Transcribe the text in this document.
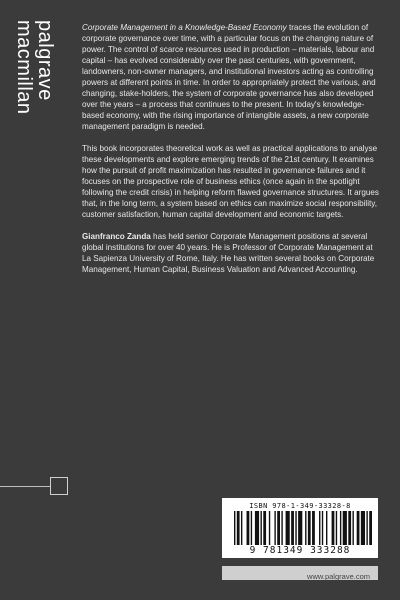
palgrave
macmillan	Corporate Management in a Knowledge-Based Economy traces the evolution of corporate governance over time, with a particular focus on the changing nature of power. The control of scarce resources used in production – materials, labour and capital – has evolved considerably over the past centuries, with government, landowners, non-owner managers, and institutional investors acting as controlling powers at different points in time. In order to appropriately protect the various, and changing, stake-holders, the system of corporate governance has also developed over the years – a process that continues to the present. In today's knowledge-based economy, with the rising importance of intangible assets, a new corporate management paradigm is needed.

This book incorporates theoretical work as well as practical applications to analyse these developments and explore emerging trends of the 21st century. It examines how the pursuit of profit maximization has resulted in governance failures and it focuses on the prospective role of business ethics (once again in the spotlight following the credit crisis) in helping reform flawed governance structures. It argues that, in the long term, a system based on ethics can maximize social responsibility, customer satisfaction, human capital development and economic targets.

Gianfranco Zanda has held senior Corporate Management positions at several global institutions for over 40 years. He is Professor of Corporate Management at La Sapienza University of Rome, Italy. He has written several books on Corporate Management, Human Capital, Business Valuation and Advanced Accounting.

ISBN 978-1-349-33328-8
9 781349 333288
www.palgrave.com
